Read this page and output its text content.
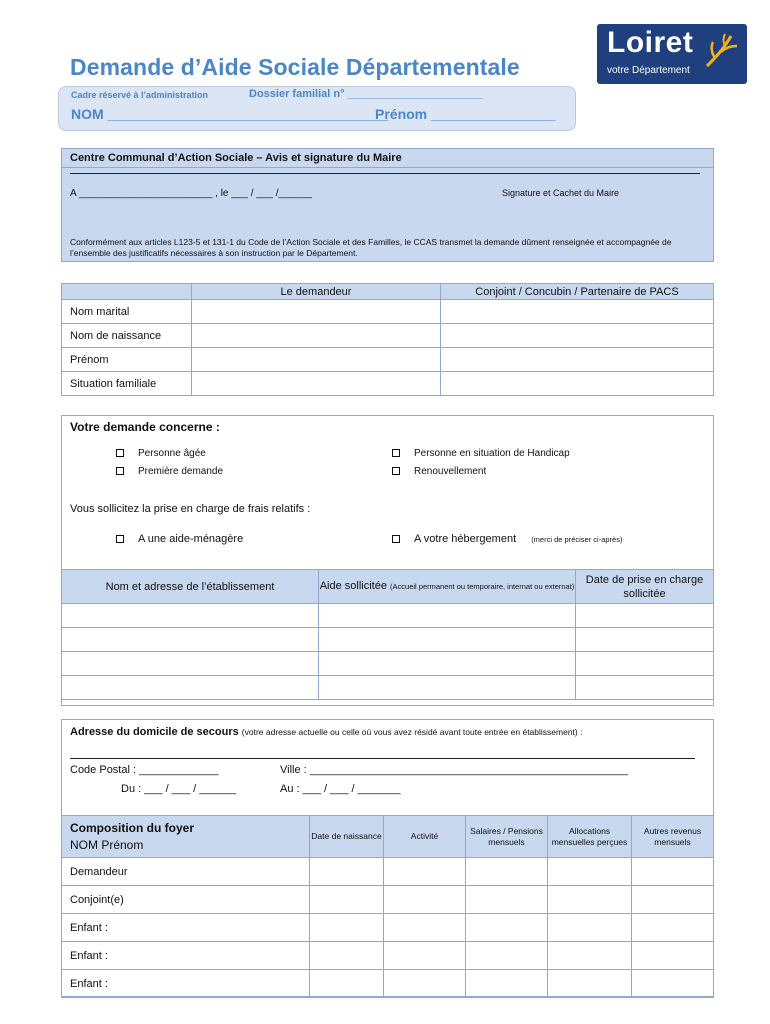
Demande d’Aide Sociale Départementale
Loiret
votre Département
Cadre réservé à l’administration	Dossier familial n° ______________________
NOM ____________________________________
Prénom ________________
Centre Communal d’Action Sociale – Avis et signature du Maire
A ________________________ , le ___ / ___ /______	Signature et Cachet du Maire
Conformément aux articles L123-5 et 131-1 du Code de l’Action Sociale et des Familles, le CCAS transmet la demande dûment renseignée et accompagnée de l’ensemble des justificatifs nécessaires à son instruction par le Département.
	Le demandeur	Conjoint / Concubin / Partenaire de PACS
Nom marital		
Nom de naissance		
Prénom		
Situation familiale		
Votre demande concerne :
Personne âgée	Personne en situation de Handicap
Première demande	Renouvellement
Vous sollicitez la prise en charge de frais relatifs :
A une aide-ménagère	A votre hébergement (merci de préciser ci-après)
Nom et adresse de l’établissement	Aide sollicitée (Accueil permanent ou temporaire, internat ou externat)	Date de prise en charge sollicitée

Adresse du domicile de secours (votre adresse actuelle ou celle où vous avez résidé avant toute entrée en établissement) :
Code Postal : _____________	Ville : ____________________________________________________
Du : ___ / ___ / ______	Au : ___ / ___ / _______
Composition du foyer
NOM Prénom	Date de naissance	Activité	Salaires / Pensions mensuels	Allocations mensuelles perçues	Autres revenus mensuels
Demandeur					
Conjoint(e)					
Enfant :					
Enfant :					
Enfant :					
